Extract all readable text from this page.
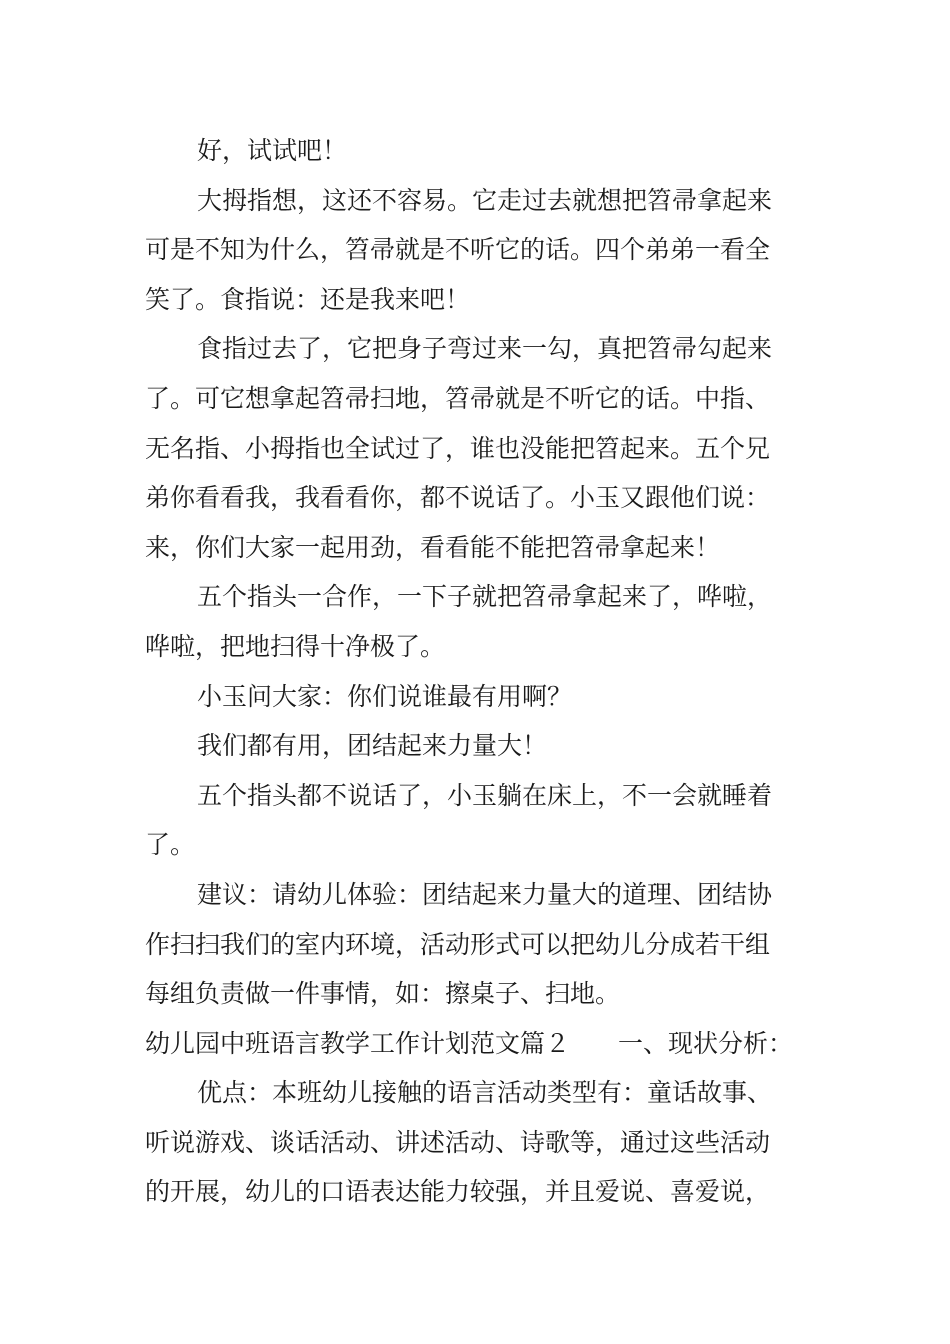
好，试试吧！
大拇指想，这还不容易。它走过去就想把笤帚拿起来
可是不知为什么，笤帚就是不听它的话。四个弟弟一看全
笑了。食指说：还是我来吧！
食指过去了，它把身子弯过来一勾，真把笤帚勾起来
了。可它想拿起笤帚扫地，笤帚就是不听它的话。中指、
无名指、小拇指也全试过了，谁也没能把笤起来。五个兄
弟你看看我，我看看你，都不说话了。小玉又跟他们说：
来，你们大家一起用劲，看看能不能把笤帚拿起来！
五个指头一合作，一下子就把笤帚拿起来了，哗啦，
哗啦，把地扫得十净极了。
小玉问大家：你们说谁最有用啊？
我们都有用，团结起来力量大！
五个指头都不说话了，小玉躺在床上，不一会就睡着
了。
建议：请幼儿体验：团结起来力量大的道理、团结协
作扫扫我们的室内环境，活动形式可以把幼儿分成若干组
每组负责做一件事情，如：擦桌子、扫地。
幼儿园中班语言教学工作计划范文篇２ 一、现状分析：
优点：本班幼儿接触的语言活动类型有：童话故事、
听说游戏、谈话活动、讲述活动、诗歌等，通过这些活动
的开展，幼儿的口语表达能力较强，并且爱说、喜爱说，
